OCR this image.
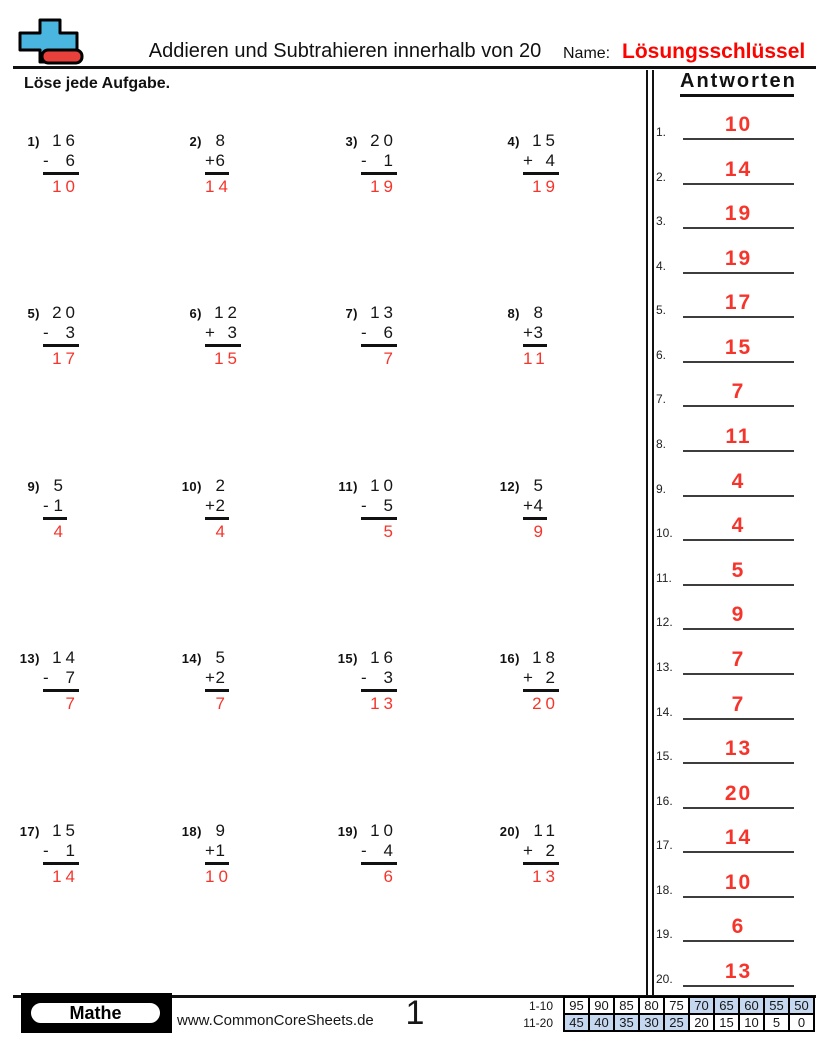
Addieren und Subtrahieren innerhalb von 20	Name: Lösungsschlüssel
Löse jede Aufgabe.
1) 16
- 6
10
2) 8
+ 6
14
3) 20
- 1
19
4) 15
+ 4
19
5) 20
- 3
17
6) 12
+ 3
15
7) 13
- 6
7
8) 8
+ 3
11
9) 5
- 1
4
10) 2
+ 2
4
11) 10
- 5
5
12) 5
+ 4
9
13) 14
- 7
7
14) 5
+ 2
7
15) 16
- 3
13
16) 18
+ 2
20
17) 15
- 1
14
18) 9
+ 1
10
19) 10
- 4
6
20) 11
+ 2
13
Antworten
1.	10
2.	14
3.	19
4.	19
5.	17
6.	15
7.	7
8.	11
9.	4
10.	4
11.	5
12.	9
13.	7
14.	7
15.	13
16.	20
17.	14
18.	10
19.	6
20.	13
Mathe	www.CommonCoreSheets.de 1	1-10
11-20
95	90	85	80	75	70	65	60	55	50
45	40	35	30	25	20	15	10	5	0
